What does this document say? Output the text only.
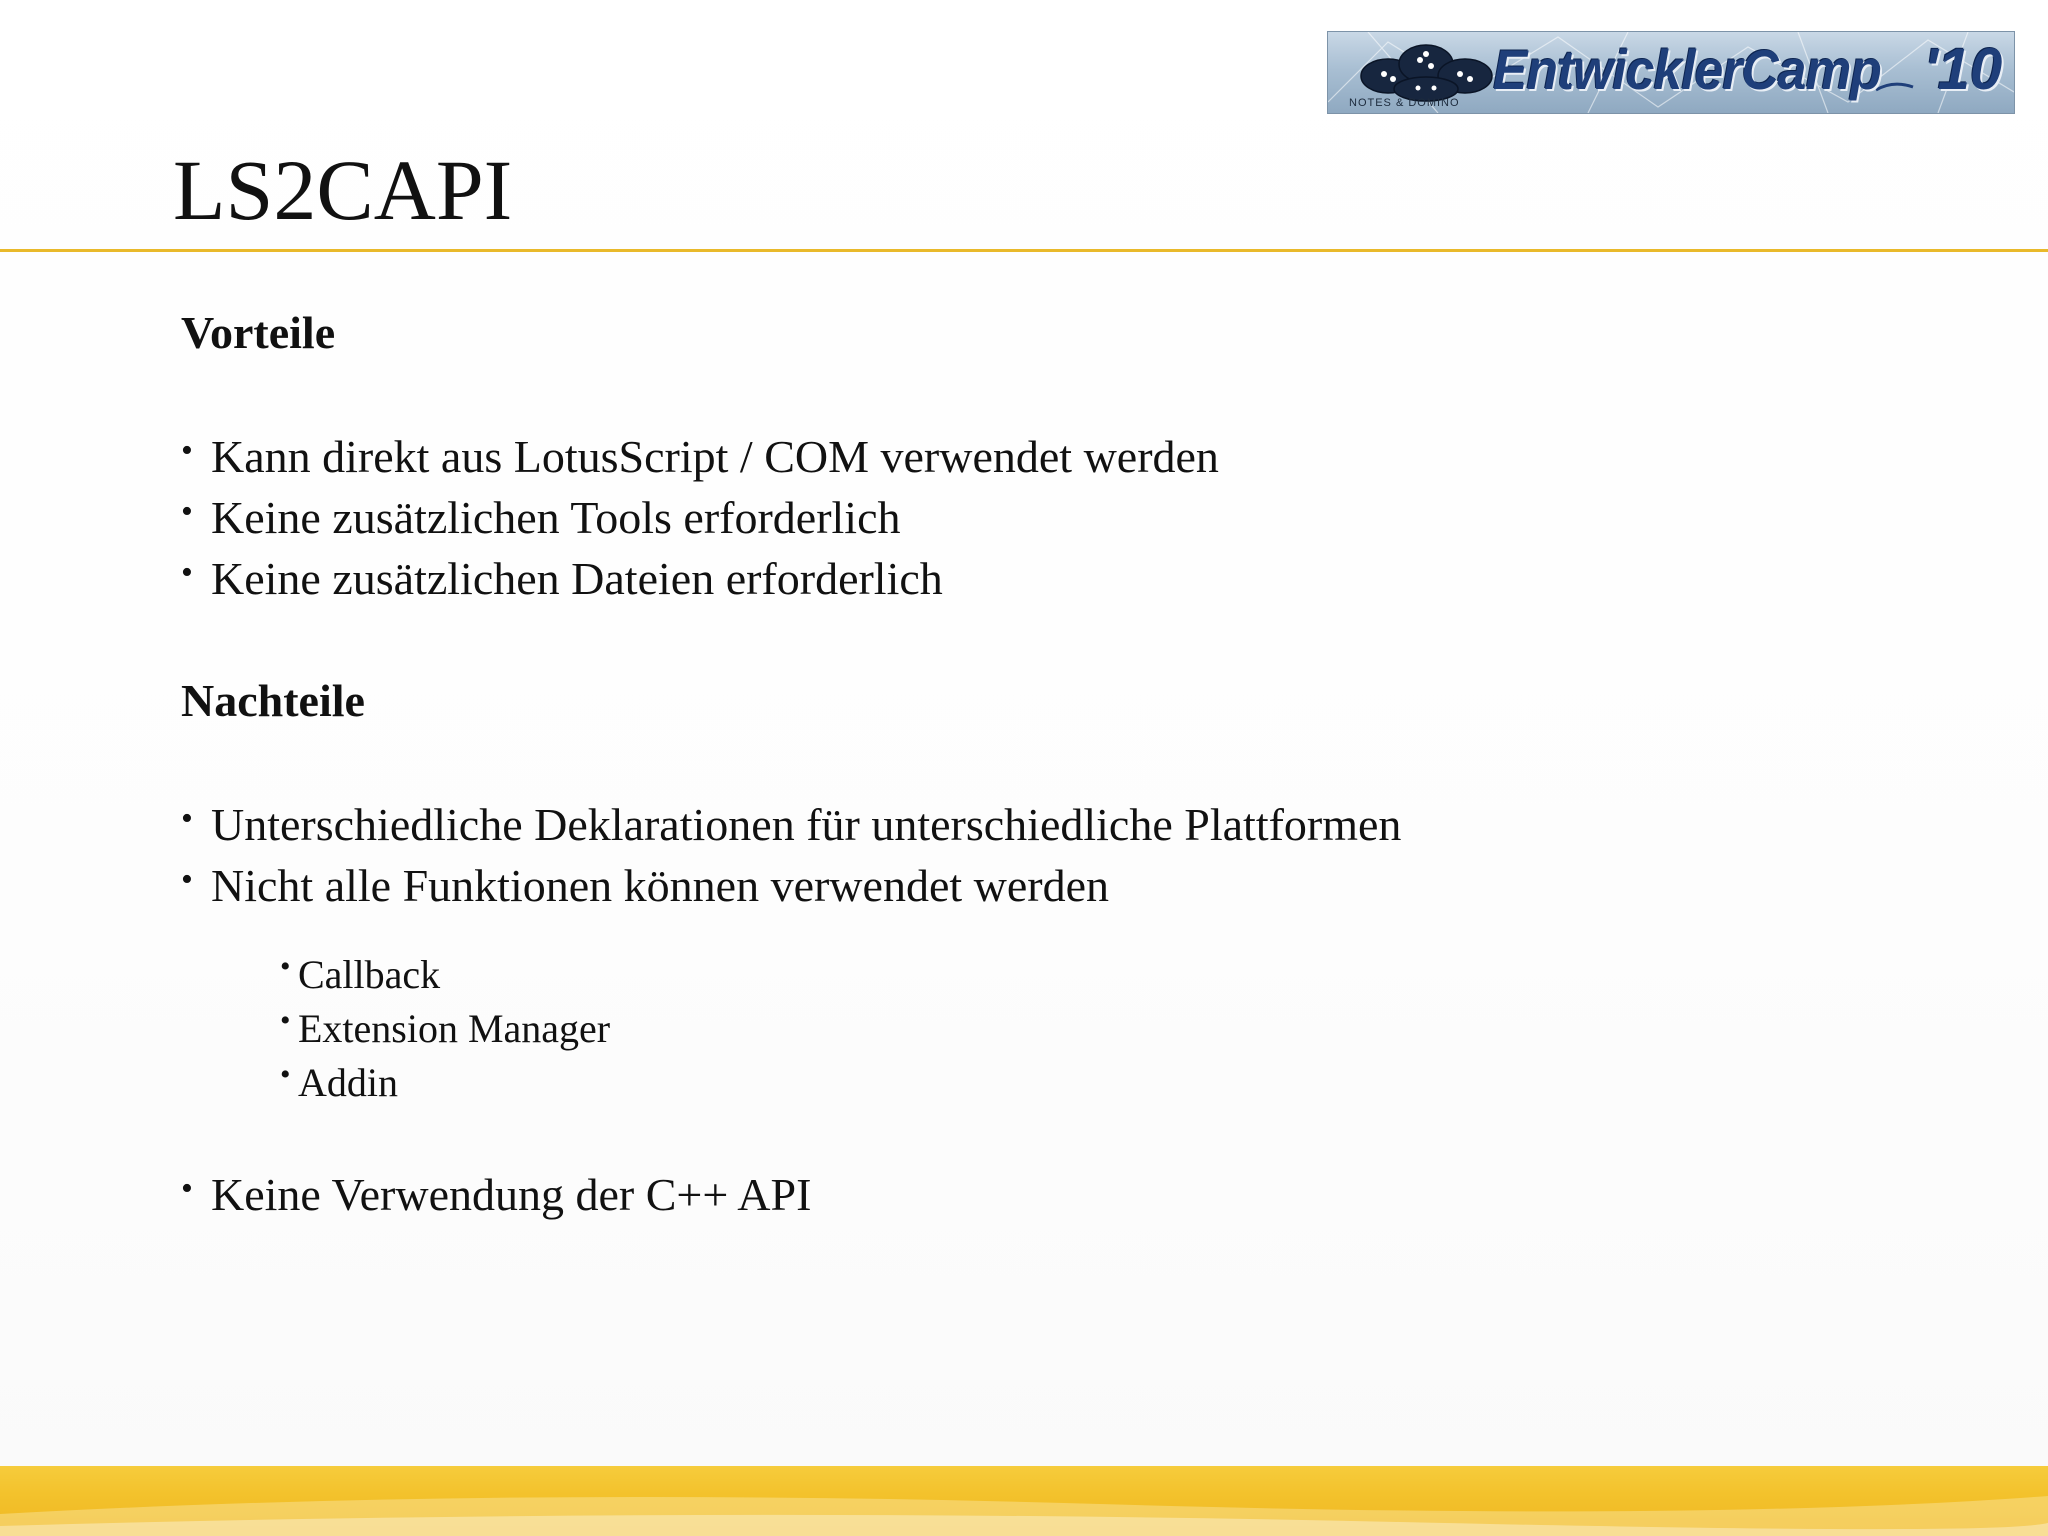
EntwicklerCamp '10
NOTES & DOMINO
LS2CAPI
Vorteile
• Kann direkt aus LotusScript / COM verwendet werden
• Keine zusätzlichen Tools erforderlich
• Keine zusätzlichen Dateien erforderlich
Nachteile
• Unterschiedliche Deklarationen für unterschiedliche Plattformen
• Nicht alle Funktionen können verwendet werden
• Callback
• Extension Manager
• Addin
• Keine Verwendung der C++ API
